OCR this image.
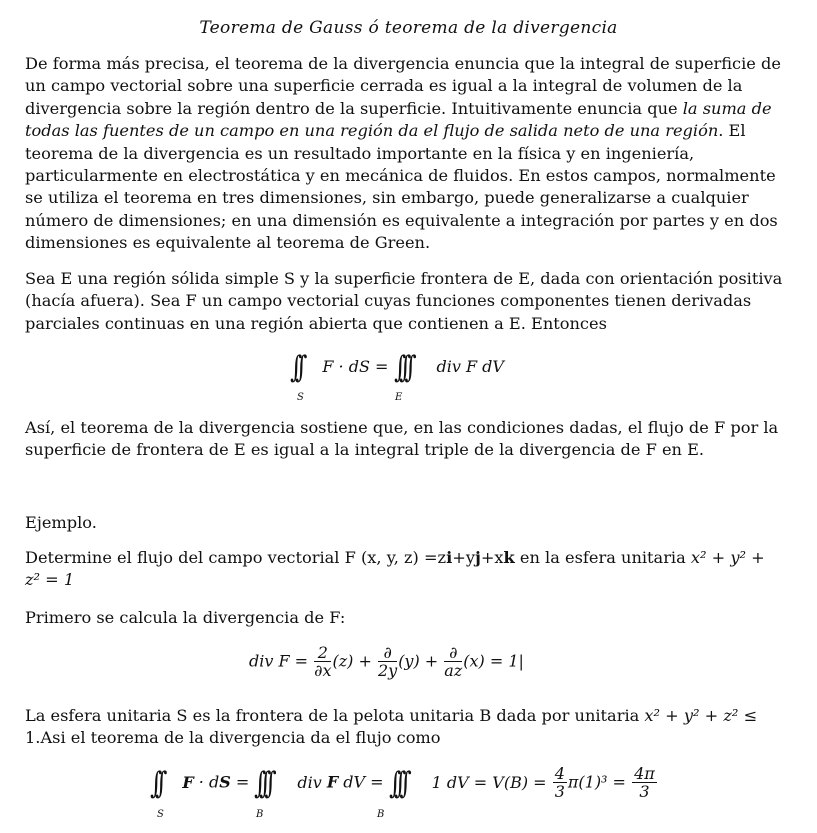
Teorema de Gauss ó teorema de la divergencia
De forma más precisa, el teorema de la divergencia enuncia que la integral de superficie de un campo vectorial sobre una superficie cerrada es igual a la integral de volumen de la divergencia sobre la región dentro de la superficie. Intuitivamente enuncia que la suma de todas las fuentes de un campo en una región da el flujo de salida neto de una región. El teorema de la divergencia es un resultado importante en la física y en ingeniería, particularmente en electrostática y en mecánica de fluidos. En estos campos, normalmente se utiliza el teorema en tres dimensiones, sin embargo, puede generalizarse a cualquier número de dimensiones; en una dimensión es equivalente a integración por partes y en dos dimensiones es equivalente al teorema de Green.
Sea E una región sólida simple S y la superficie frontera de E, dada con orientación positiva (hacía afuera). Sea F un campo vectorial cuyas funciones componentes tienen derivadas parciales continuas en una región abierta que contienen a E. Entonces
∫∫ F · dS = ∫∫∫ div F dV
S	E
Así, el teorema de la divergencia sostiene que, en las condiciones dadas, el flujo de F por la superficie de frontera de E es igual a la integral triple de la divergencia de F en E.
Ejemplo.
Determine el flujo del campo vectorial F (x, y, z) =zi+yj+xk en la esfera unitaria x² + y² +
z² = 1
Primero se calcula la divergencia de F:
div $F = \frac{2}{\partial x} (z) + \frac{\partial}{2y} (y) + \frac{\partial}{az} (x) = 1|$
La esfera unitaria S es la frontera de la pelota unitaria B dada por unitaria x² + y² + z² ≤
1.Asi el teorema de la divergencia da el flujo como
∫∫ F · dS = ∫∫∫ div F dV = ∫∫∫ 1 dV = $V(B) = \frac{4}{3} \pi(1)^3 = \frac{4\pi}{3}$
S	B	B
